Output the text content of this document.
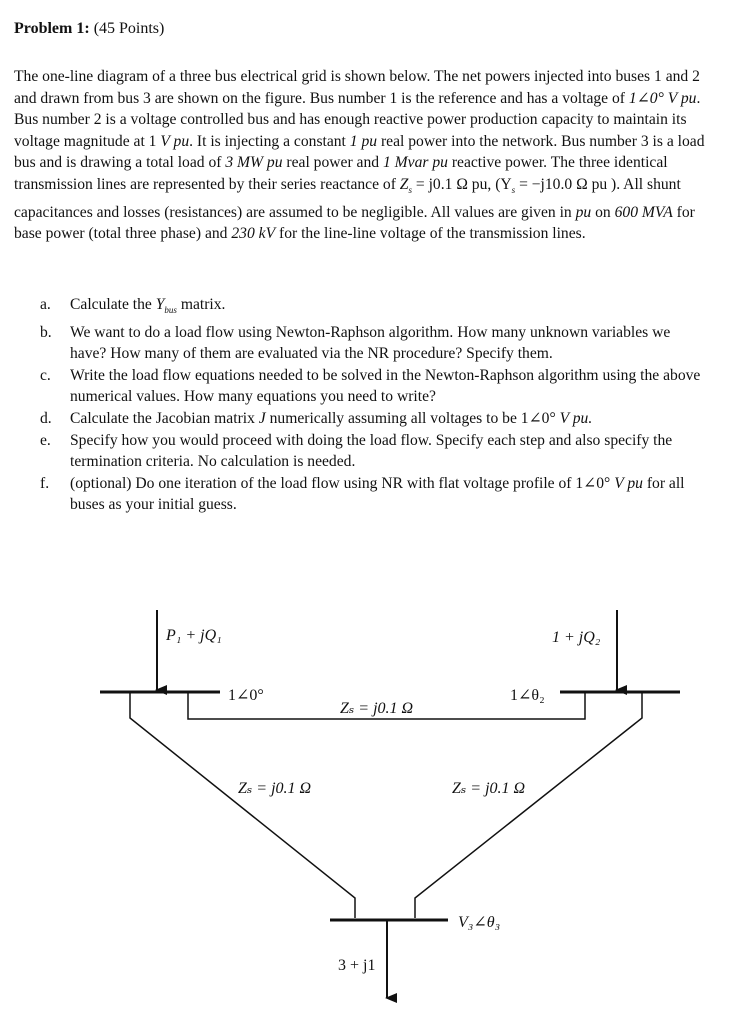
Problem 1: (45 Points)

The one-line diagram of a three bus electrical grid is shown below. The net powers injected into buses 1 and 2 and drawn from bus 3 are shown on the figure. Bus number 1 is the reference and has a voltage of 1∠0° V pu. Bus number 2 is a voltage controlled bus and has enough reactive power production capacity to maintain its voltage magnitude at 1 V pu. It is injecting a constant 1 pu real power into the network. Bus number 3 is a load bus and is drawing a total load of 3 MW pu real power and 1 Mvar pu reactive power. The three identical transmission lines are represented by their series reactance of $Z_s = j0.1$ Ω pu, ($Y_s = -j10.0$ Ω pu ). All shunt capacitances and losses (resistances) are assumed to be negligible. All values are given in pu on 600 MVA for base power (total three phase) and 230 kV for the line-line voltage of the transmission lines.

a. Calculate the $Y_{bus}$ matrix.
b. We want to do a load flow using Newton-Raphson algorithm. How many unknown variables we have? How many of them are evaluated via the NR procedure? Specify them.
c. Write the load flow equations needed to be solved in the Newton-Raphson algorithm using the above numerical values. How many equations you need to write?
d. Calculate the Jacobian matrix J numerically assuming all voltages to be 1∠0° V pu.
e. Specify how you would proceed with doing the load flow. Specify each step and also specify the termination criteria. No calculation is needed.
f. (optional) Do one iteration of the load flow using NR with flat voltage profile of 1∠0° V pu for all buses as your initial guess.
P₁ + jQ₁	1 + jQ₂
1∠0°	1∠θ₂
Zₛ = j0.1 Ω
Zₛ = j0.1 Ω	Zₛ = j0.1 Ω
V₃∠θ₃
3 + j1
